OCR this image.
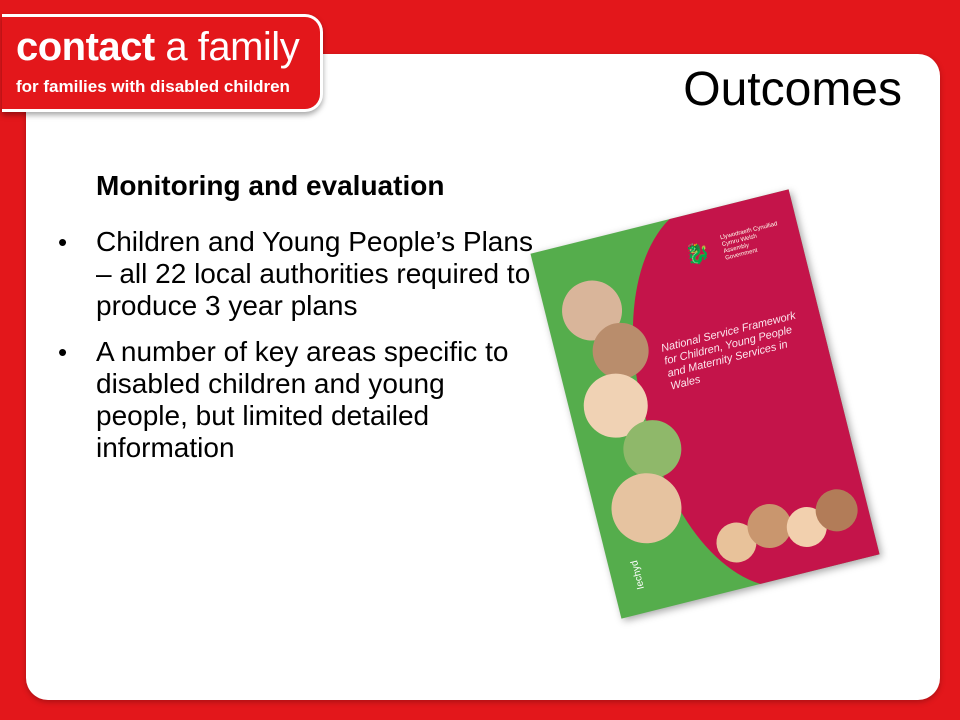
contact a family
for families with disabled children	Outcomes
Monitoring and evaluation
• Children and Young People’s Plans – all 22 local authorities required to produce 3 year plans
• A number of key areas specific to disabled children and young people, but limited detailed information
🐉
Llywodraeth Cynulliad Cymru Welsh Assembly Government
National Service Framework for Children, Young People and Maternity Services in Wales
Iechyd
